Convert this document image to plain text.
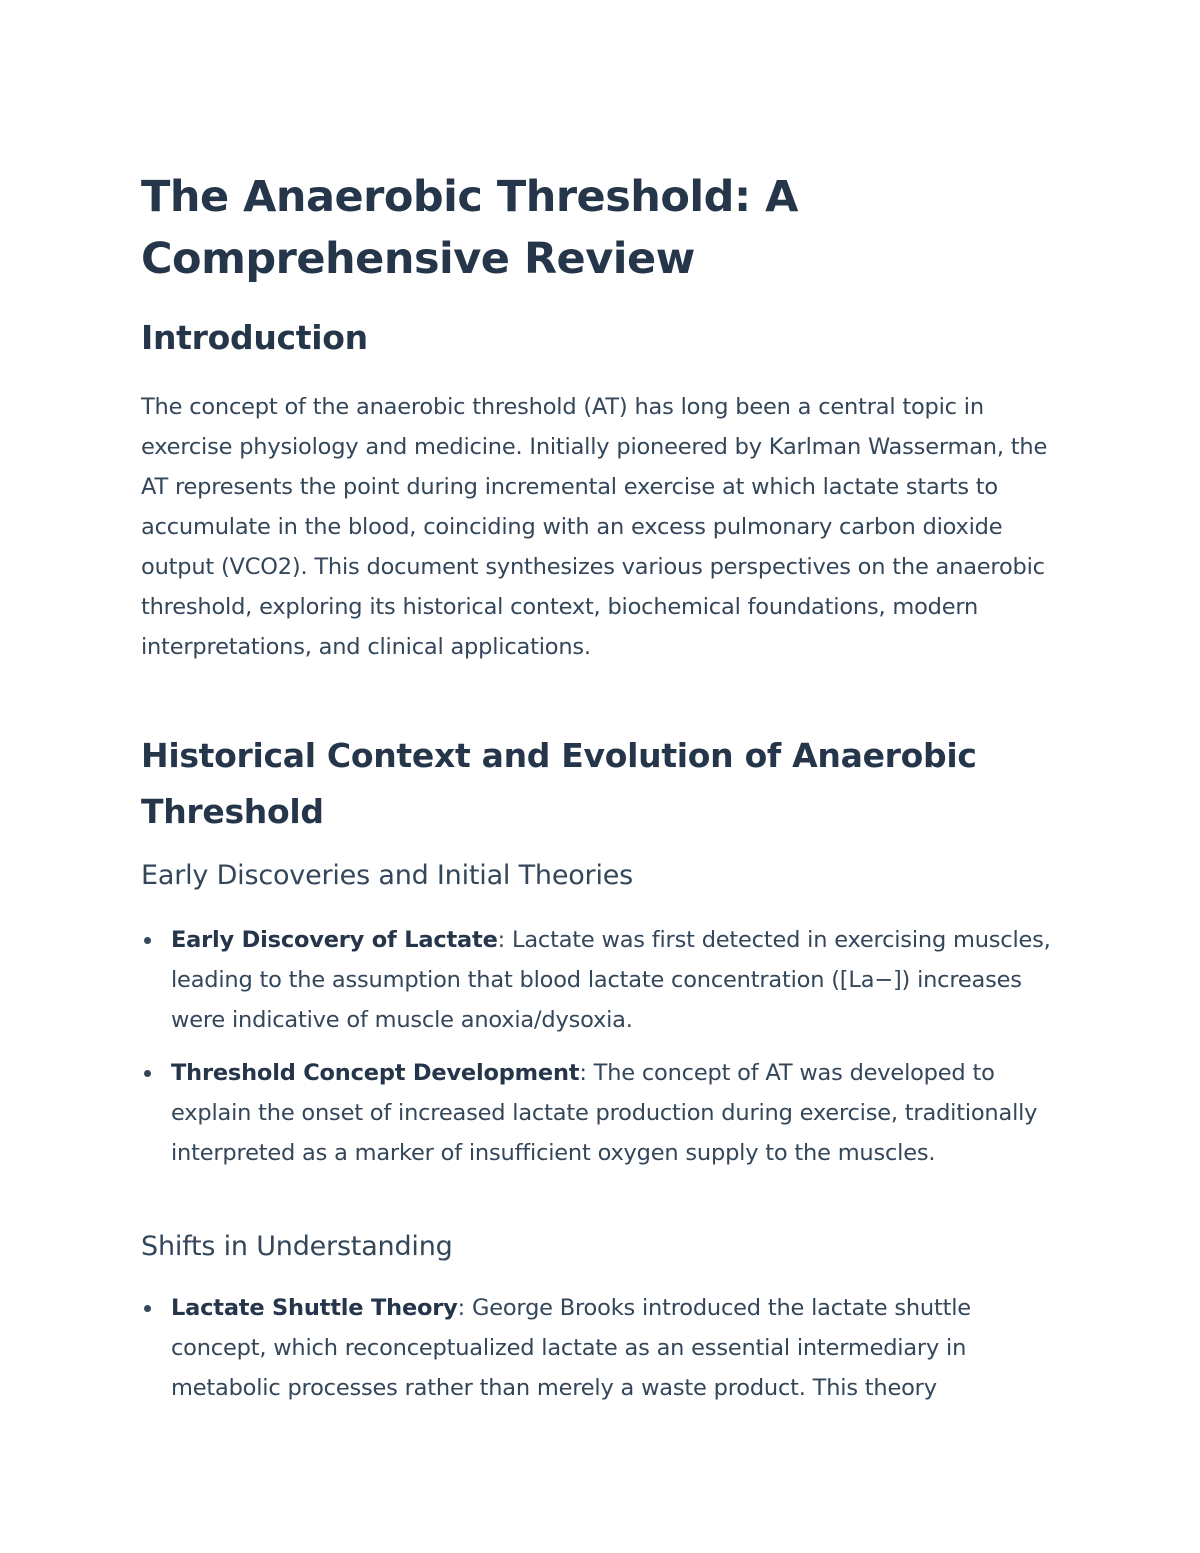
The Anaerobic Threshold: A Comprehensive Review
Introduction

The concept of the anaerobic threshold (AT) has long been a central topic in exercise physiology and medicine. Initially pioneered by Karlman Wasserman, the AT represents the point during incremental exercise at which lactate starts to accumulate in the blood, coinciding with an excess pulmonary carbon dioxide output (VCO2). This document synthesizes various perspectives on the anaerobic threshold, exploring its historical context, biochemical foundations, modern interpretations, and clinical applications.

Historical Context and Evolution of Anaerobic Threshold
Early Discoveries and Initial Theories
Early Discovery of Lactate: Lactate was first detected in exercising muscles, leading to the assumption that blood lactate concentration ([La−]) increases were indicative of muscle anoxia/dysoxia.
Threshold Concept Development: The concept of AT was developed to explain the onset of increased lactate production during exercise, traditionally interpreted as a marker of insufficient oxygen supply to the muscles.
Shifts in Understanding
Lactate Shuttle Theory: George Brooks introduced the lactate shuttle concept, which reconceptualized lactate as an essential intermediary in metabolic processes rather than merely a waste product. This theory
